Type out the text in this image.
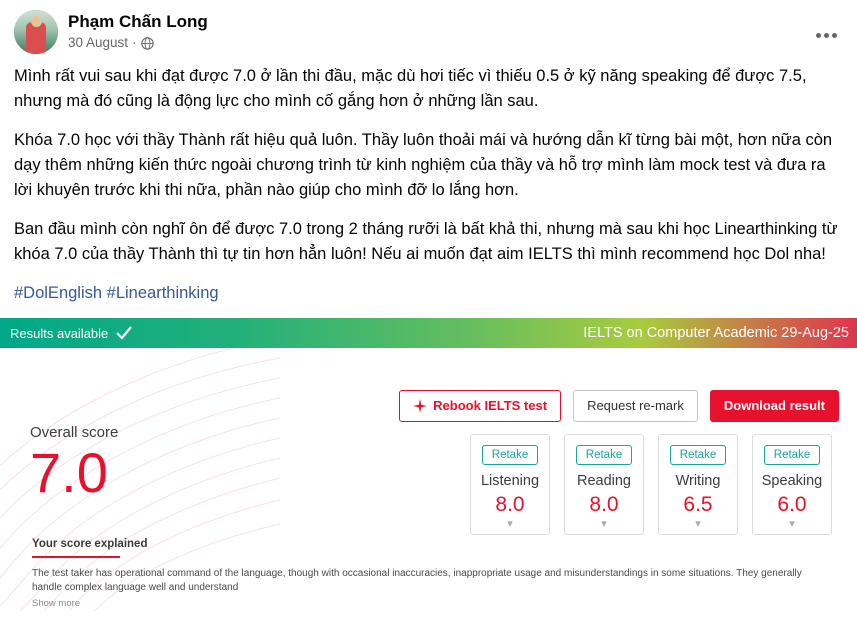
Phạm Chấn Long
30 August ·

Mình rất vui sau khi đạt được 7.0 ở lần thi đầu, mặc dù hơi tiếc vì thiếu 0.5 ở kỹ năng speaking để được 7.5, nhưng mà đó cũng là động lực cho mình cố gắng hơn ở những lần sau.

Khóa 7.0 học với thầy Thành rất hiệu quả luôn. Thầy luôn thoải mái và hướng dẫn kĩ từng bài một, hơn nữa còn dạy thêm những kiến thức ngoài chương trình từ kinh nghiệm của thầy và hỗ trợ mình làm mock test và đưa ra lời khuyên trước khi thi nữa, phần nào giúp cho mình đỡ lo lắng hơn.

Ban đầu mình còn nghĩ ôn để được 7.0 trong 2 tháng rưỡi là bất khả thi, nhưng mà sau khi học Linearthinking từ khóa 7.0 của thầy Thành thì tự tin hơn hẳn luôn! Nếu ai muốn đạt aim IELTS thì mình recommend học Dol nha!

#DolEnglish #Linearthinking

Results available	IELTS on Computer Academic 29-Aug-25
Rebook IELTS test	Request re-mark	Download result
Overall score
7.0	Retake
Listening
8.0
▾
Retake
Reading
8.0
▾
Retake
Writing
6.5
▾
Retake
Speaking
6.0
▾
Your score explained
The test taker has operational command of the language, though with occasional inaccuracies, inappropriate usage and misunderstandings in some situations. They generally handle complex language well and understand
Show more
